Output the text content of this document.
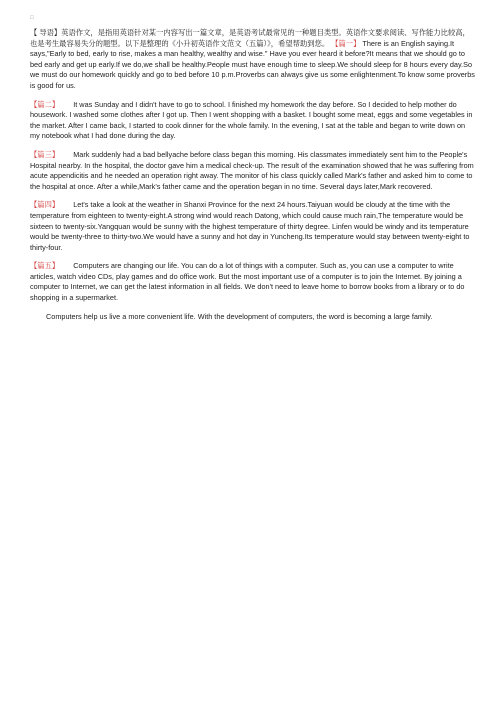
□

【 导语】英语作文，是指用英语针对某一内容写出一篇文章，是英语考试最常见的一种题目类型。英语作文要求阅读、写作能力比较高，也是考生最容易失分的题型。以下是整理的《小升初英语作文范文（五篇）》，希望帮助到您。 【篇一】 There is an English saying.It says,"Early to bed, early to rise, makes a man healthy, wealthy and wise." Have you ever heard it before?It means that we should go to bed early and get up early.If we do,we shall be healthy.People must have enough time to sleep.We should sleep for 8 hours every day.So we must do our homework quickly and go to bed before 10 p.m.Proverbs can always give us some enlightenment.To know some proverbs is good for us.

【篇二】 It was Sunday and I didn't have to go to school. I finished my homework the day before. So I decided to help mother do housework. I washed some clothes after I got up. Then I went shopping with a basket. I bought some meat, eggs and some vegetables in the market. After I came back, I started to cook dinner for the whole family. In the evening, I sat at the table and began to write down on my notebook what I had done during the day.

【篇三】 Mark suddenly had a bad bellyache before class began this morning. His classmates immediately sent him to the People's Hospital nearby. In the hospital, the doctor gave him a medical check-up. The result of the examination showed that he was suffering from acute appendicitis and he needed an operation right away. The monitor of his class quickly called Mark's father and asked him to come to the hospital at once. After a while,Mark's father came and the operation began in no time. Several days later,Mark recovered.

【篇四】 Let's take a look at the weather in Shanxi Province for the next 24 hours.Taiyuan would be cloudy at the time with the temperature from eighteen to twenty-eight.A strong wind would reach Datong, which could cause much rain,The temperature would be sixteen to twenty-six.Yangquan would be sunny with the highest temperature of thirty degree. Linfen would be windy and its temperature would be twenty-three to thirty-two.We would have a sunny and hot day in Yuncheng.Its temperature would stay between twenty-eight to thirty-four.

【篇五】 Computers are changing our life. You can do a lot of things with a computer. Such as, you can use a computer to write articles, watch video CDs, play games and do office work. But the most important use of a computer is to join the Internet. By joining a computer to Internet, we can get the latest information in all fields. We don't need to leave home to borrow books from a library or to do shopping in a supermarket.

Computers help us live a more convenient life. With the development of computers, the word is becoming a large family.
